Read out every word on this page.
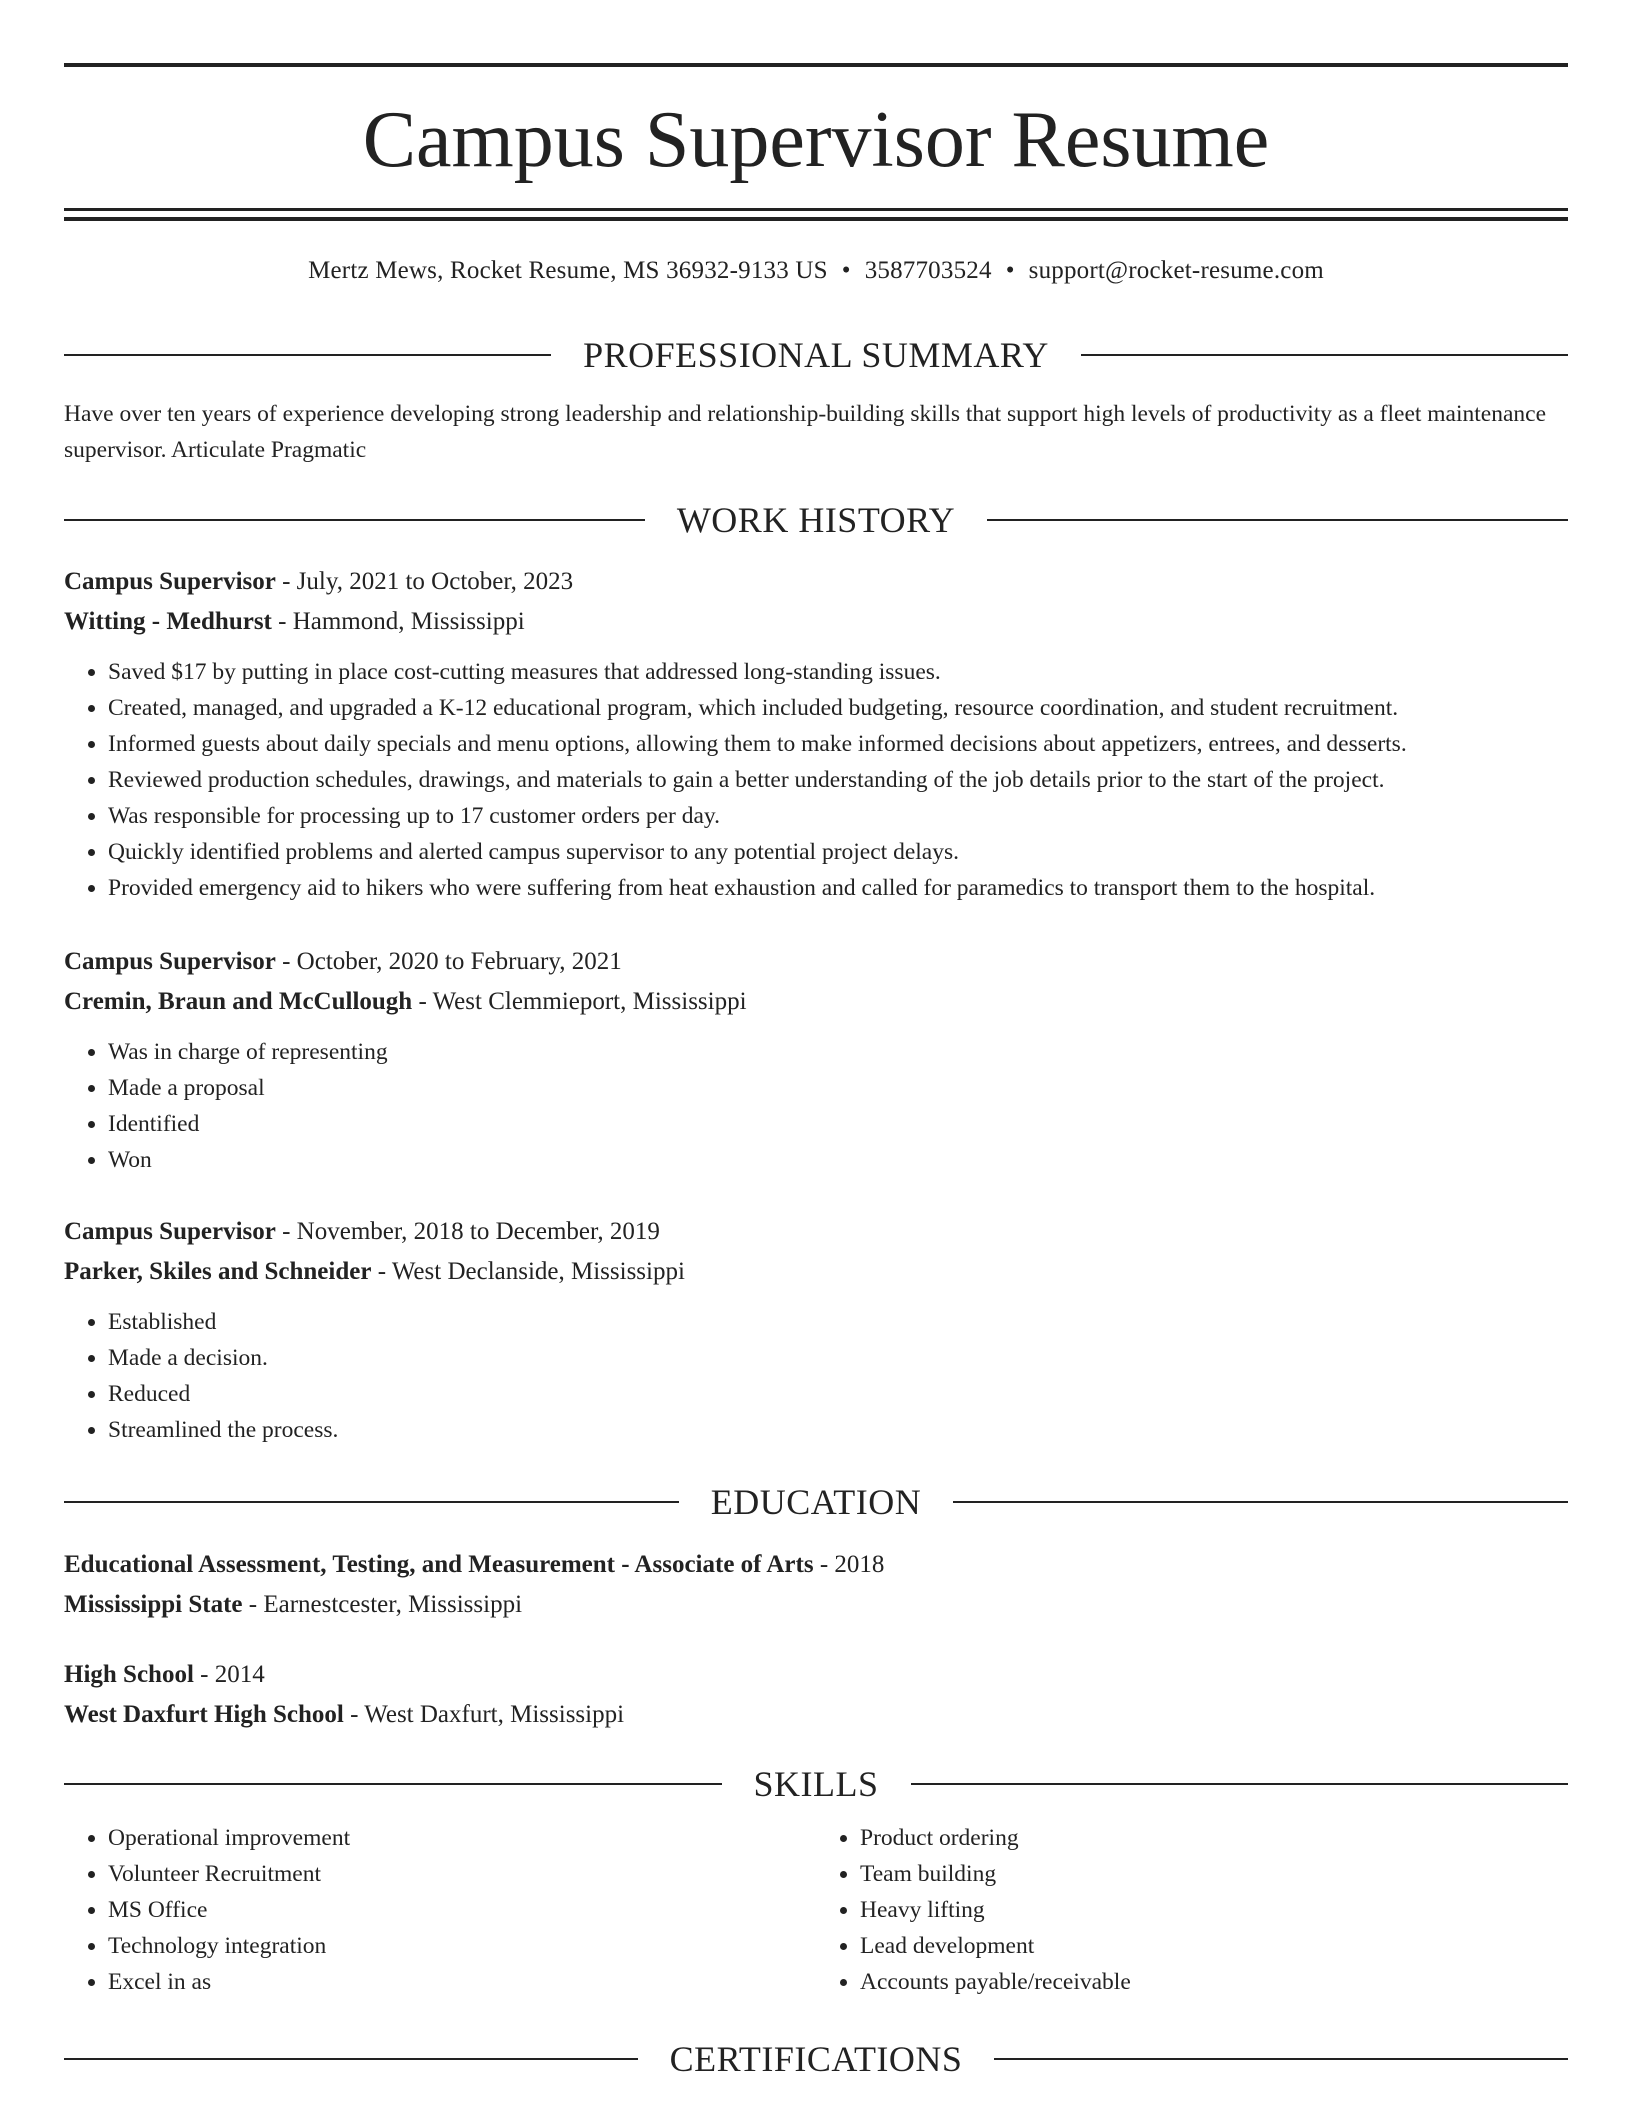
Campus Supervisor Resume
Mertz Mews, Rocket Resume, MS 36932-9133 US • 3587703524 • support@rocket-resume.com
PROFESSIONAL SUMMARY
Have over ten years of experience developing strong leadership and relationship-building skills that support high levels of productivity as a fleet maintenance supervisor. Articulate Pragmatic
WORK HISTORY
Campus Supervisor - July, 2021 to October, 2023
Witting - Medhurst - Hammond, Mississippi
• Saved $17 by putting in place cost-cutting measures that addressed long-standing issues.
• Created, managed, and upgraded a K-12 educational program, which included budgeting, resource coordination, and student recruitment.
• Informed guests about daily specials and menu options, allowing them to make informed decisions about appetizers, entrees, and desserts.
• Reviewed production schedules, drawings, and materials to gain a better understanding of the job details prior to the start of the project.
• Was responsible for processing up to 17 customer orders per day.
• Quickly identified problems and alerted campus supervisor to any potential project delays.
• Provided emergency aid to hikers who were suffering from heat exhaustion and called for paramedics to transport them to the hospital.
Campus Supervisor - October, 2020 to February, 2021
Cremin, Braun and McCullough - West Clemmieport, Mississippi
• Was in charge of representing
• Made a proposal
• Identified
• Won
Campus Supervisor - November, 2018 to December, 2019
Parker, Skiles and Schneider - West Declanside, Mississippi
• Established
• Made a decision.
• Reduced
• Streamlined the process.
EDUCATION
Educational Assessment, Testing, and Measurement - Associate of Arts - 2018
Mississippi State - Earnestcester, Mississippi
High School - 2014
West Daxfurt High School - West Daxfurt, Mississippi
SKILLS
• Operational improvement
• Volunteer Recruitment
• MS Office
• Technology integration
• Excel in as
• Product ordering
• Team building
• Heavy lifting
• Lead development
• Accounts payable/receivable
CERTIFICATIONS
